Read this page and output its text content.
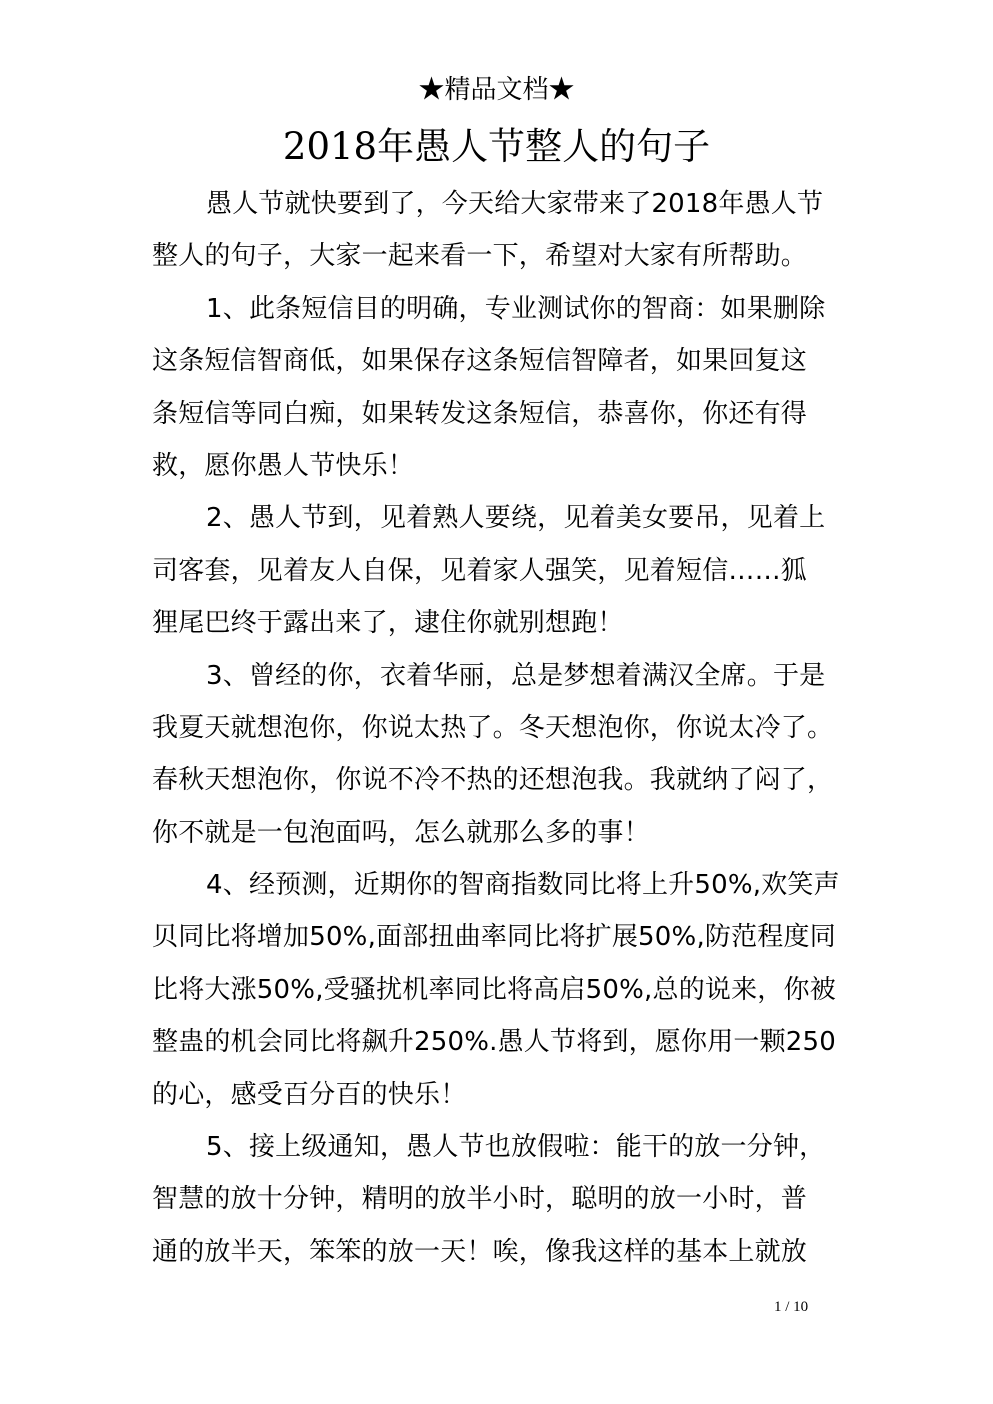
★精品文档★
2018年愚人节整人的句子
愚人节就快要到了，今天给大家带来了2018年愚人节
整人的句子，大家一起来看一下，希望对大家有所帮助。
1、此条短信目的明确，专业测试你的智商：如果删除
这条短信智商低，如果保存这条短信智障者，如果回复这
条短信等同白痴，如果转发这条短信，恭喜你，你还有得
救，愿你愚人节快乐！
2、愚人节到，见着熟人要绕，见着美女要吊，见着上
司客套，见着友人自保，见着家人强笑，见着短信……狐
狸尾巴终于露出来了，逮住你就别想跑！
3、曾经的你，衣着华丽，总是梦想着满汉全席。于是
我夏天就想泡你，你说太热了。冬天想泡你，你说太冷了。
春秋天想泡你，你说不冷不热的还想泡我。我就纳了闷了，
你不就是一包泡面吗，怎么就那么多的事！
4、经预测，近期你的智商指数同比将上升50%,欢笑声
贝同比将增加50%,面部扭曲率同比将扩展50%,防范程度同
比将大涨50%,受骚扰机率同比将高启50%,总的说来，你被
整蛊的机会同比将飙升250%.愚人节将到，愿你用一颗250
的心，感受百分百的快乐！
5、接上级通知，愚人节也放假啦：能干的放一分钟，
智慧的放十分钟，精明的放半小时，聪明的放一小时，普
通的放半天，笨笨的放一天！唉，像我这样的基本上就放
1 / 10
